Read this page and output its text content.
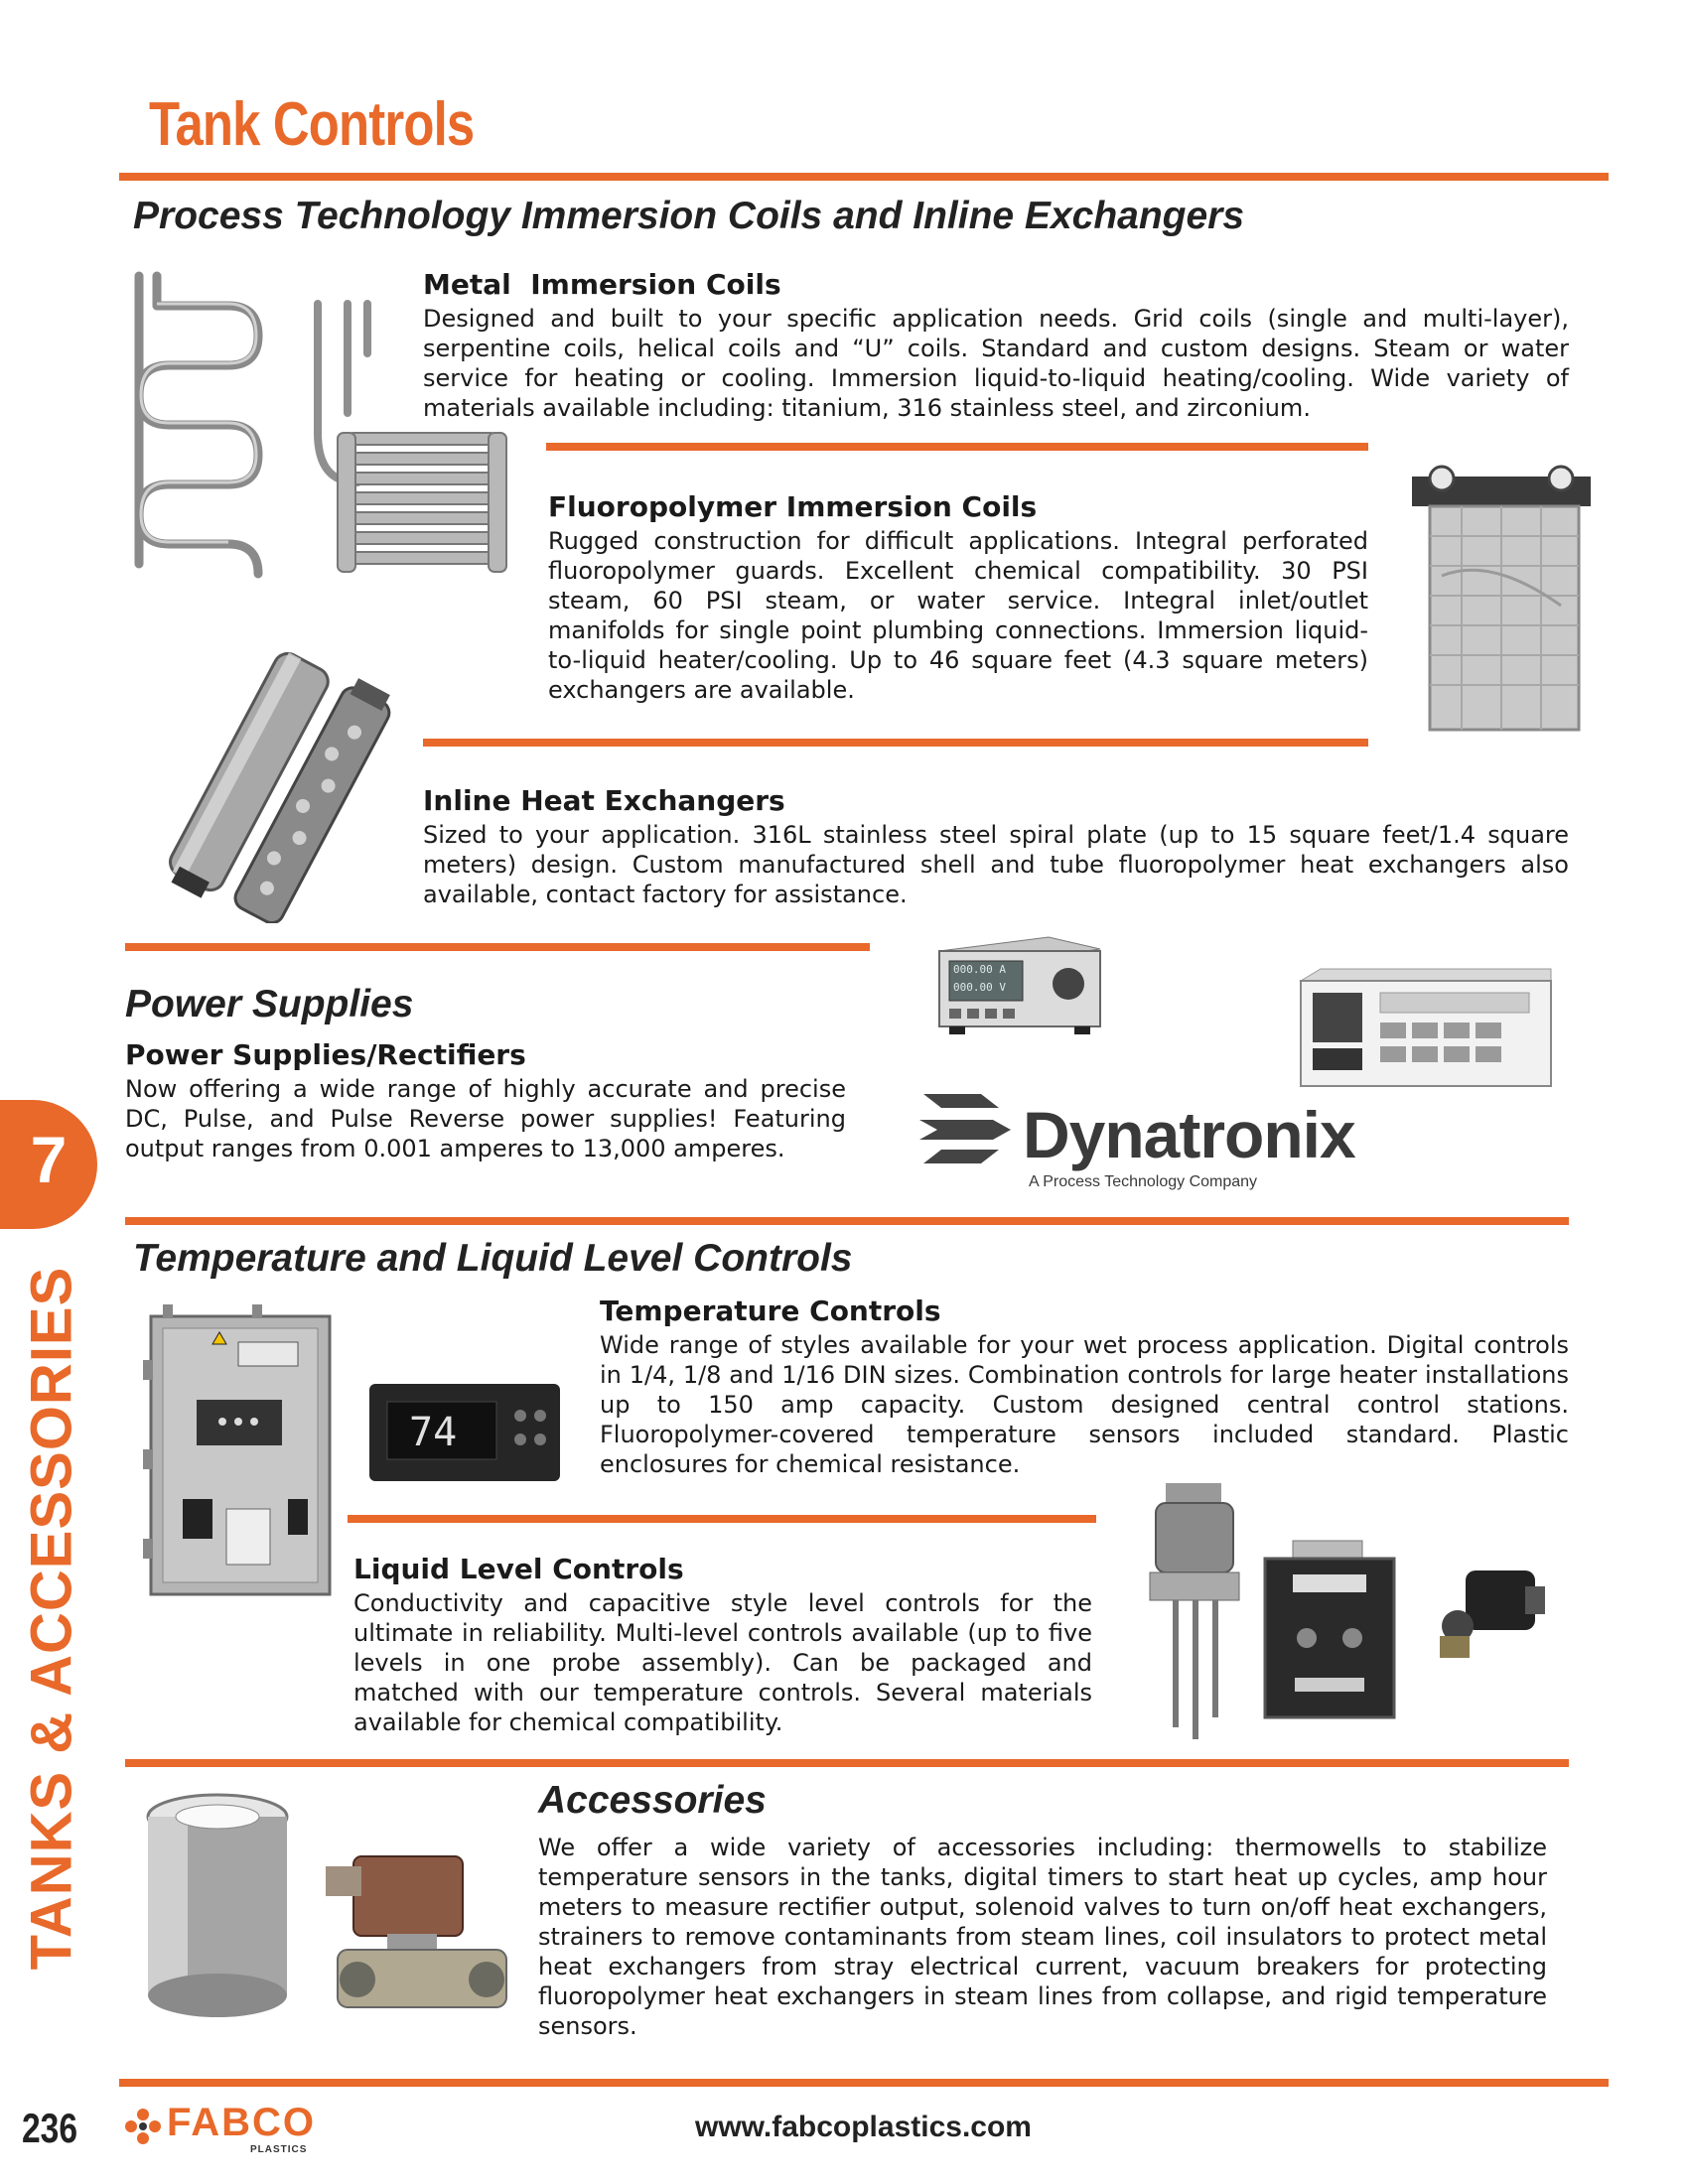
Tank Controls
Process Technology Immersion Coils and Inline Exchangers
Metal  Immersion Coils
Designed and built to your specific application needs. Grid coils (single and multi-layer), serpentine coils, helical coils and “U” coils. Standard and custom designs. Steam or water service for heating or cooling. Immersion liquid-to-liquid heating/cooling. Wide variety of materials available including: titanium, 316 stainless steel, and zirconium.
Fluoropolymer Immersion Coils
Rugged construction for difficult applications. Integral perforated fluoropolymer guards. Excellent chemical compatibility. 30 PSI steam, 60 PSI steam, or water service. Integral inlet/outlet manifolds for single point plumbing connections. Immersion liquid-to-liquid heater/cooling. Up to 46 square feet (4.3 square meters) exchangers are available.
Inline Heat Exchangers
Sized to your application. 316L stainless steel spiral plate (up to 15 square feet/1.4 square meters) design. Custom manufactured shell and tube fluoropolymer heat exchangers also available, contact factory for assistance.
Power Supplies
Power Supplies/Rectifiers
Now offering a wide range of highly accurate and precise DC, Pulse, and Pulse Reverse power supplies! Featuring output ranges from 0.001 amperes to 13,000 amperes.
000.00 A
000.00 V
Dynatronix
A Process Technology Company
7
TANKS & ACCESSORIES
Temperature and Liquid Level Controls
74
Temperature Controls
Wide range of styles available for your wet process application. Digital controls in 1/4, 1/8 and 1/16 DIN sizes. Combination controls for large heater installations up to 150 amp capacity. Custom designed central control stations. Fluoropolymer-covered temperature sensors included standard. Plastic enclosures for chemical resistance.
Liquid Level Controls
Conductivity and capacitive style level controls for the ultimate in reliability. Multi-level controls available (up to five levels in one probe assembly). Can be packaged and matched with our temperature controls. Several materials available for chemical compatibility.
Accessories
We offer a wide variety of accessories including: thermowells to stabilize temperature sensors in the tanks, digital timers to start heat up cycles, amp hour meters to measure rectifier output, solenoid valves to turn on/off heat exchangers, strainers to remove contaminants from steam lines, coil insulators to protect metal heat exchangers from stray electrical current, vacuum breakers for protecting fluoropolymer heat exchangers in steam lines from collapse, and rigid temperature sensors.
236 FABCO
PLASTICS
www.fabcoplastics.com
